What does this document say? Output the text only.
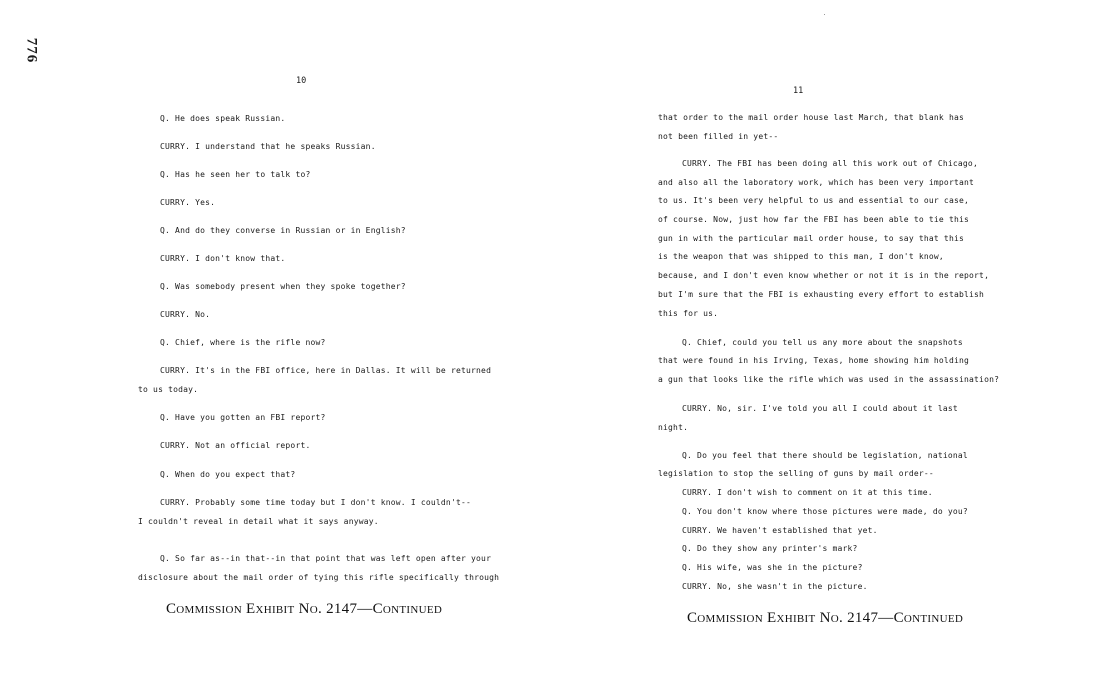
776
10
Q. He does speak Russian.
CURRY. I understand that he speaks Russian.
Q. Has he seen her to talk to?
CURRY. Yes.
Q. And do they converse in Russian or in English?
CURRY. I don't know that.
Q. Was somebody present when they spoke together?
CURRY. No.
Q. Chief, where is the rifle now?
CURRY. It's in the FBI office, here in Dallas. It will be returned
to us today.
Q. Have you gotten an FBI report?
CURRY. Not an official report.
Q. When do you expect that?
CURRY. Probably some time today but I don't know. I couldn't--
I couldn't reveal in detail what it says anyway.
Q. So far as--in that--in that point that was left open after your
disclosure about the mail order of tying this rifle specifically through
Commission Exhibit No. 2147—Continued
11
that order to the mail order house last March, that blank has
not been filled in yet--
CURRY. The FBI has been doing all this work out of Chicago,
and also all the laboratory work, which has been very important
to us. It's been very helpful to us and essential to our case,
of course. Now, just how far the FBI has been able to tie this
gun in with the particular mail order house, to say that this
is the weapon that was shipped to this man, I don't know,
because, and I don't even know whether or not it is in the report,
but I'm sure that the FBI is exhausting every effort to establish
this for us.
Q. Chief, could you tell us any more about the snapshots
that were found in his Irving, Texas, home showing him holding
a gun that looks like the rifle which was used in the assassination?
CURRY. No, sir. I've told you all I could about it last
night.
Q. Do you feel that there should be legislation, national
legislation to stop the selling of guns by mail order--
CURRY. I don't wish to comment on it at this time.
Q. You don't know where those pictures were made, do you?
CURRY. We haven't established that yet.
Q. Do they show any printer's mark?
Q. His wife, was she in the picture?
CURRY. No, she wasn't in the picture.
Commission Exhibit No. 2147—Continued
